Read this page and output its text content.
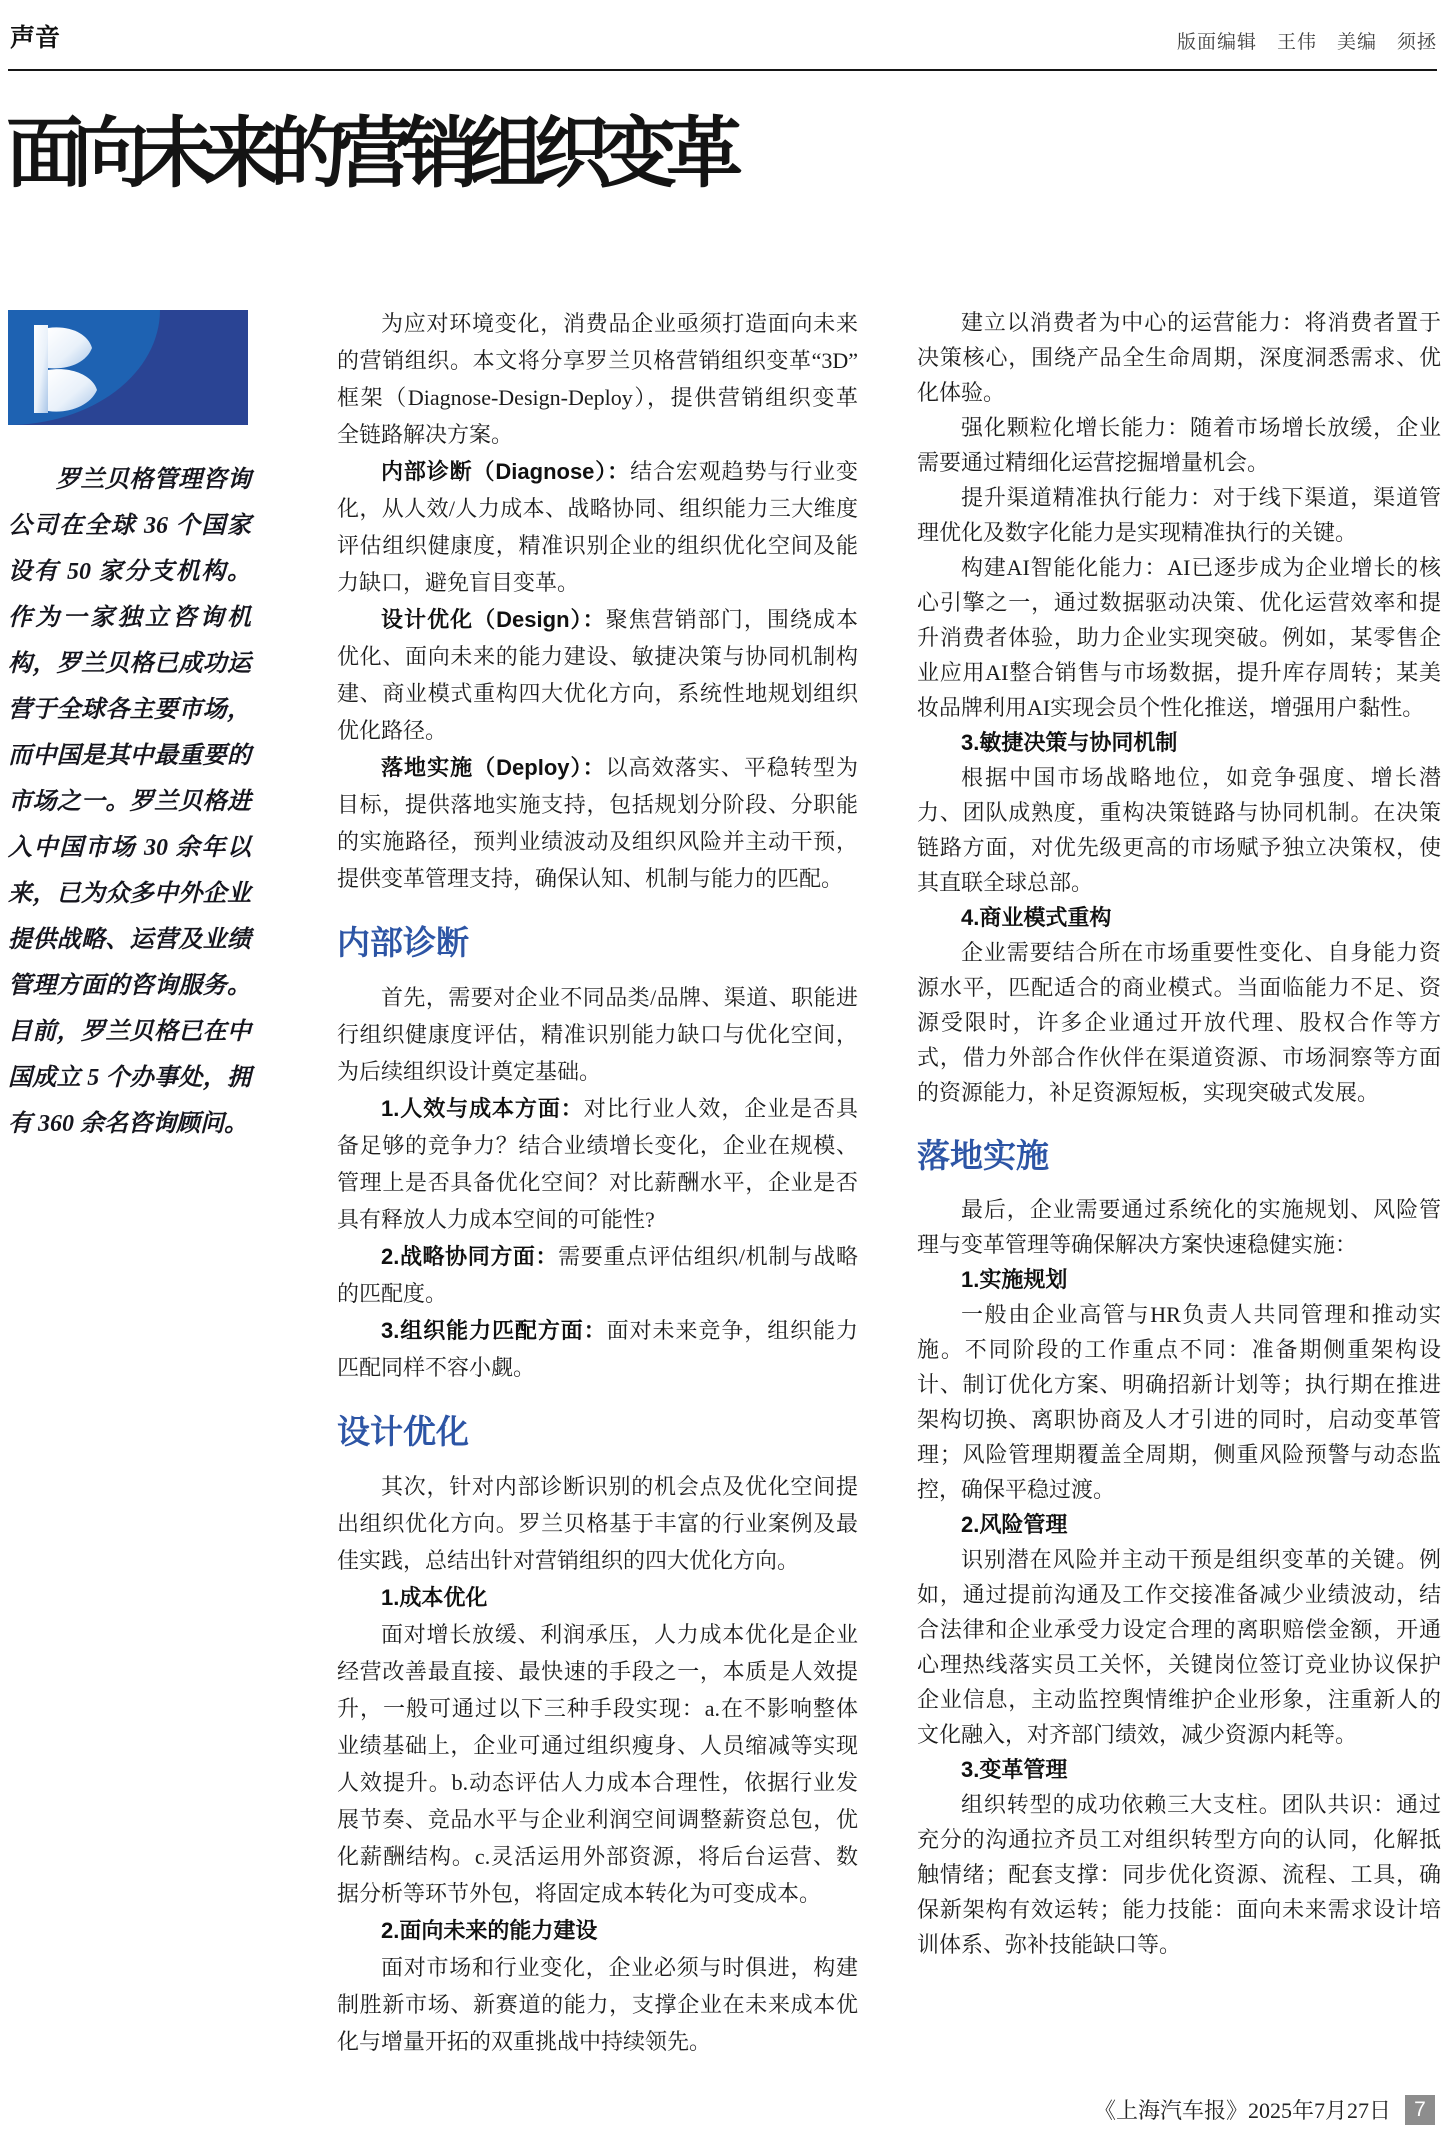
声音	版面编辑　王伟　美编　须拯
面向未来的营销组织变革
罗兰贝格管理咨询公司在全球 36 个国家设有 50 家分支机构。作为一家独立咨询机构，罗兰贝格已成功运营于全球各主要市场，而中国是其中最重要的市场之一。罗兰贝格进入中国市场 30 余年以来，已为众多中外企业提供战略、运营及业绩管理方面的咨询服务。目前，罗兰贝格已在中国成立 5 个办事处，拥有 360 余名咨询顾问。

为应对环境变化，消费品企业亟须打造面向未来的营销组织。本文将分享罗兰贝格营销组织变革“3D”框架（Diagnose-Design-Deploy），提供营销组织变革全链路解决方案。

内部诊断（Diagnose）：结合宏观趋势与行业变化，从人效/人力成本、战略协同、组织能力三大维度评估组织健康度，精准识别企业的组织优化空间及能力缺口，避免盲目变革。

设计优化（Design）：聚焦营销部门，围绕成本优化、面向未来的能力建设、敏捷决策与协同机制构建、商业模式重构四大优化方向，系统性地规划组织优化路径。

落地实施（Deploy）：以高效落实、平稳转型为目标，提供落地实施支持，包括规划分阶段、分职能的实施路径，预判业绩波动及组织风险并主动干预，提供变革管理支持，确保认知、机制与能力的匹配。

内部诊断

首先，需要对企业不同品类/品牌、渠道、职能进行组织健康度评估，精准识别能力缺口与优化空间，为后续组织设计奠定基础。

1.人效与成本方面：对比行业人效，企业是否具备足够的竞争力？结合业绩增长变化，企业在规模、管理上是否具备优化空间？对比薪酬水平，企业是否具有释放人力成本空间的可能性?

2.战略协同方面：需要重点评估组织/机制与战略的匹配度。

3.组织能力匹配方面：面对未来竞争，组织能力匹配同样不容小觑。

设计优化

其次，针对内部诊断识别的机会点及优化空间提出组织优化方向。罗兰贝格基于丰富的行业案例及最佳实践，总结出针对营销组织的四大优化方向。

1.成本优化

面对增长放缓、利润承压，人力成本优化是企业经营改善最直接、最快速的手段之一，本质是人效提升，一般可通过以下三种手段实现：a.在不影响整体业绩基础上，企业可通过组织瘦身、人员缩减等实现人效提升。b.动态评估人力成本合理性，依据行业发展节奏、竞品水平与企业利润空间调整薪资总包，优化薪酬结构。c.灵活运用外部资源，将后台运营、数据分析等环节外包，将固定成本转化为可变成本。

2.面向未来的能力建设

面对市场和行业变化，企业必须与时俱进，构建制胜新市场、新赛道的能力，支撑企业在未来成本优化与增量开拓的双重挑战中持续领先。

建立以消费者为中心的运营能力：将消费者置于决策核心，围绕产品全生命周期，深度洞悉需求、优化体验。

强化颗粒化增长能力：随着市场增长放缓，企业需要通过精细化运营挖掘增量机会。

提升渠道精准执行能力：对于线下渠道，渠道管理优化及数字化能力是实现精准执行的关键。

构建AI智能化能力：AI已逐步成为企业增长的核心引擎之一，通过数据驱动决策、优化运营效率和提升消费者体验，助力企业实现突破。例如，某零售企业应用AI整合销售与市场数据，提升库存周转；某美妆品牌利用AI实现会员个性化推送，增强用户黏性。

3.敏捷决策与协同机制

根据中国市场战略地位，如竞争强度、增长潜力、团队成熟度，重构决策链路与协同机制。在决策链路方面，对优先级更高的市场赋予独立决策权，使其直联全球总部。

4.商业模式重构

企业需要结合所在市场重要性变化、自身能力资源水平，匹配适合的商业模式。当面临能力不足、资源受限时，许多企业通过开放代理、股权合作等方式，借力外部合作伙伴在渠道资源、市场洞察等方面的资源能力，补足资源短板，实现突破式发展。

落地实施

最后，企业需要通过系统化的实施规划、风险管理与变革管理等确保解决方案快速稳健实施：

1.实施规划

一般由企业高管与HR负责人共同管理和推动实施。不同阶段的工作重点不同：准备期侧重架构设计、制订优化方案、明确招新计划等；执行期在推进架构切换、离职协商及人才引进的同时，启动变革管理；风险管理期覆盖全周期，侧重风险预警与动态监控，确保平稳过渡。

2.风险管理

识别潜在风险并主动干预是组织变革的关键。例如，通过提前沟通及工作交接准备减少业绩波动，结合法律和企业承受力设定合理的离职赔偿金额，开通心理热线落实员工关怀，关键岗位签订竞业协议保护企业信息，主动监控舆情维护企业形象，注重新人的文化融入，对齐部门绩效，减少资源内耗等。

3.变革管理

组织转型的成功依赖三大支柱。团队共识：通过充分的沟通拉齐员工对组织转型方向的认同，化解抵触情绪；配套支撑：同步优化资源、流程、工具，确保新架构有效运转；能力技能：面向未来需求设计培训体系、弥补技能缺口等。

《上海汽车报》2025年7月27日	7
